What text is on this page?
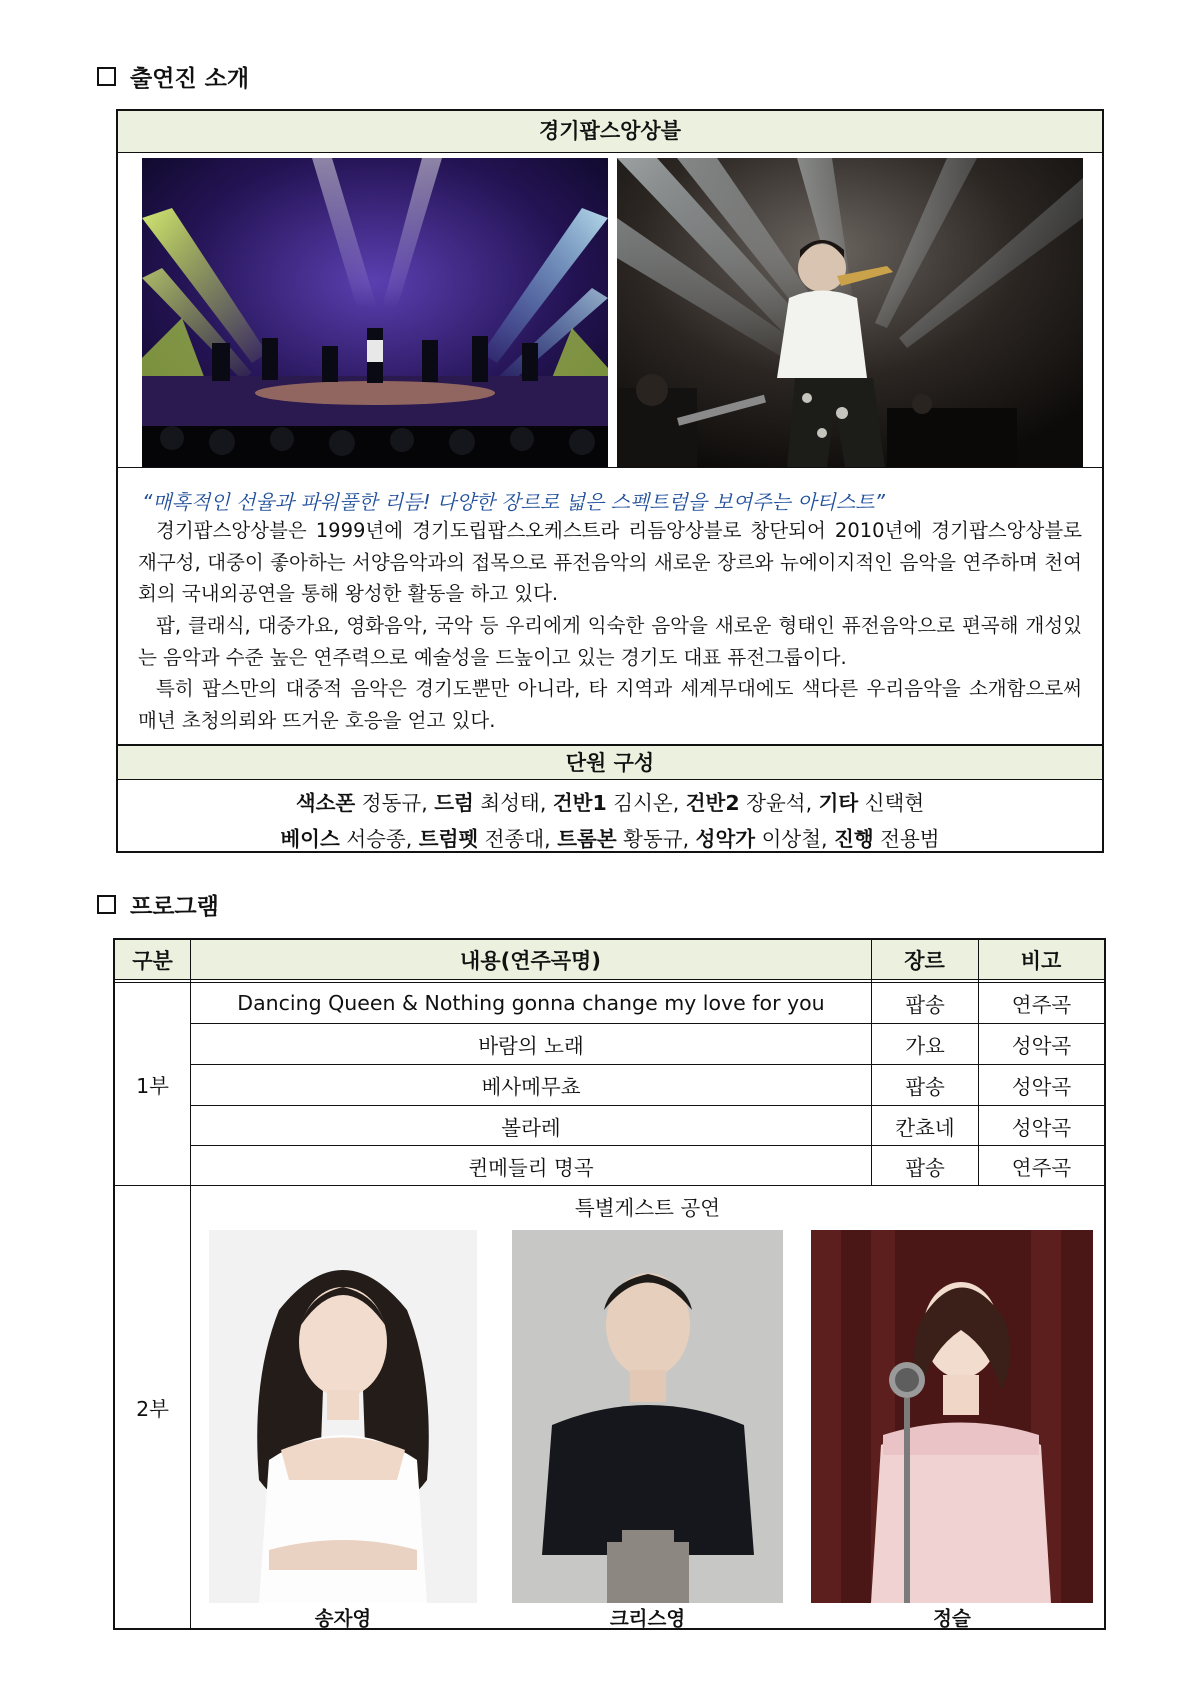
출연진 소개
경기팝스앙상블
“매혹적인 선율과 파워풀한 리듬! 다양한 장르로 넓은 스펙트럼을 보여주는 아티스트”
경기팝스앙상블은 1999년에 경기도립팝스오케스트라 리듬앙상블로 창단되어 2010년에 경기팝스앙상블로 재구성, 대중이 좋아하는 서양음악과의 접목으로 퓨전음악의 새로운 장르와 뉴에이지적인 음악을 연주하며 천여회의 국내외공연을 통해 왕성한 활동을 하고 있다.
팝, 클래식, 대중가요, 영화음악, 국악 등 우리에게 익숙한 음악을 새로운 형태인 퓨전음악으로 편곡해 개성있는 음악과 수준 높은 연주력으로 예술성을 드높이고 있는 경기도 대표 퓨전그룹이다.
특히 팝스만의 대중적 음악은 경기도뿐만 아니라, 타 지역과 세계무대에도 색다른 우리음악을 소개함으로써 매년 초청의뢰와 뜨거운 호응을 얻고 있다.
단원 구성
색소폰 정동규, 드럼 최성태, 건반1 김시온, 건반2 장윤석, 기타 신택현
베이스 서승종, 트럼펫 전종대, 트롬본 황동규, 성악가 이상철, 진행 전용범
프로그램
구분	내용(연주곡명)	장르	비고
1부
Dancing Queen & Nothing gonna change my love for you	팝송	연주곡
바람의 노래	가요	성악곡
베사메무쵸	팝송	성악곡
볼라레	칸쵸네	성악곡
퀸메들리 명곡	팝송	연주곡
2부
특별게스트 공연
송자영	크리스영	정슬
